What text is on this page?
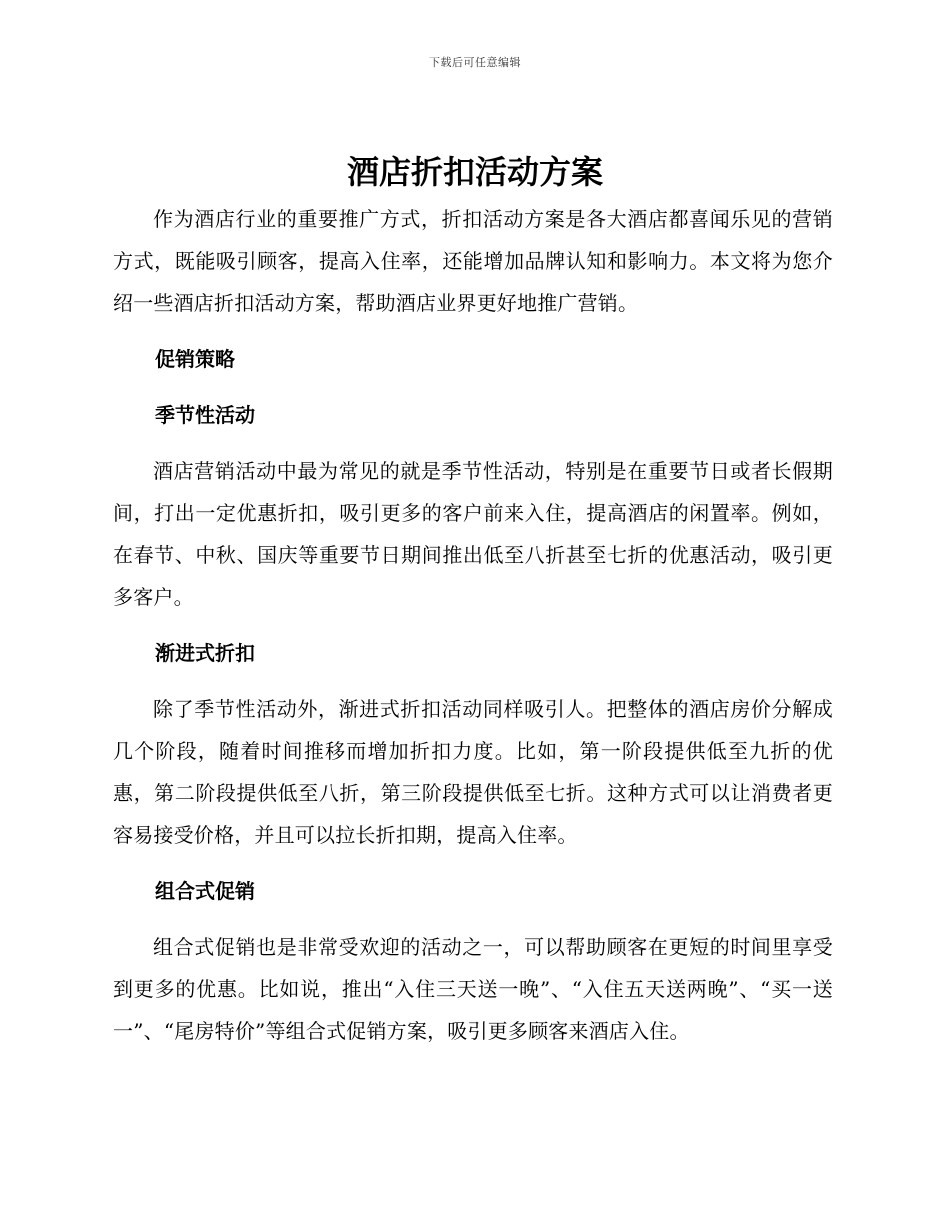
下载后可任意编辑
酒店折扣活动方案

作为酒店行业的重要推广方式，折扣活动方案是各大酒店都喜闻乐见的营销方式，既能吸引顾客，提高入住率，还能增加品牌认知和影响力。本文将为您介绍一些酒店折扣活动方案，帮助酒店业界更好地推广营销。

促销策略

季节性活动

酒店营销活动中最为常见的就是季节性活动，特别是在重要节日或者长假期间，打出一定优惠折扣，吸引更多的客户前来入住，提高酒店的闲置率。例如，在春节、中秋、国庆等重要节日期间推出低至八折甚至七折的优惠活动，吸引更多客户。

渐进式折扣

除了季节性活动外，渐进式折扣活动同样吸引人。把整体的酒店房价分解成几个阶段，随着时间推移而增加折扣力度。比如，第一阶段提供低至九折的优惠，第二阶段提供低至八折，第三阶段提供低至七折。这种方式可以让消费者更容易接受价格，并且可以拉长折扣期，提高入住率。

组合式促销

组合式促销也是非常受欢迎的活动之一，可以帮助顾客在更短的时间里享受到更多的优惠。比如说，推出“入住三天送一晚”、“入住五天送两晚”、“买一送一”、“尾房特价”等组合式促销方案，吸引更多顾客来酒店入住。
